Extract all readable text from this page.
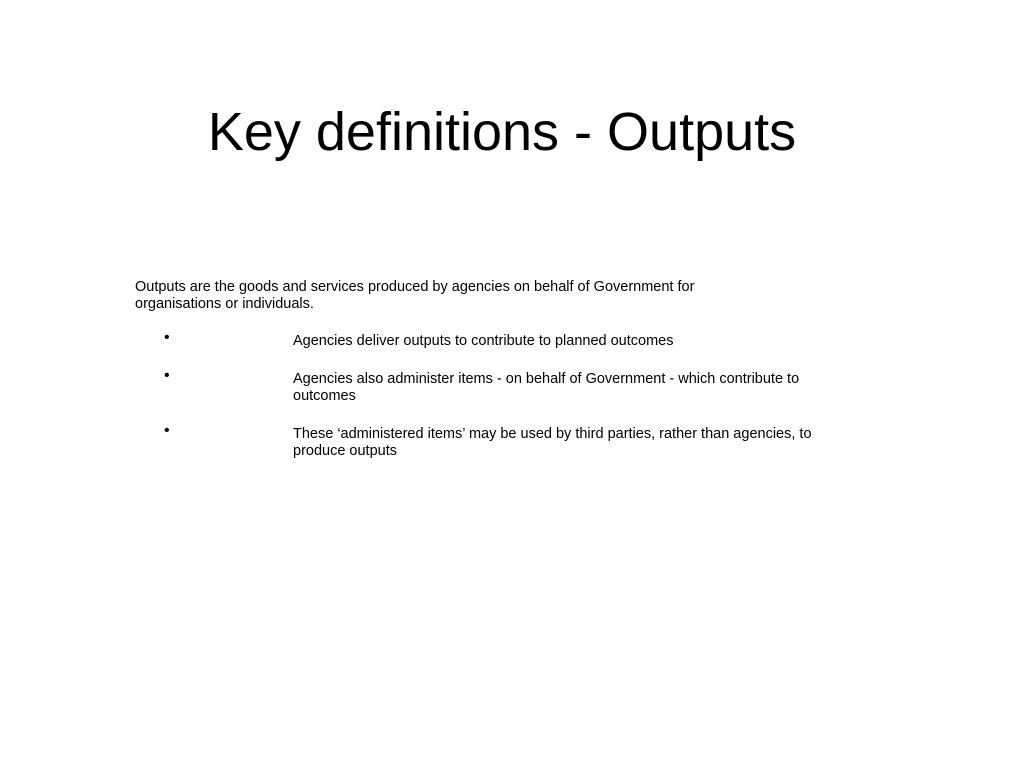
Key definitions - Outputs

Outputs are the goods and services produced by agencies on behalf of Government for organisations or individuals.

•	Agencies deliver outputs to contribute to planned outcomes

•	Agencies also administer items - on behalf of Government - which contribute to outcomes

•	These ‘administered items’ may be used by third parties, rather than agencies, to produce outputs
